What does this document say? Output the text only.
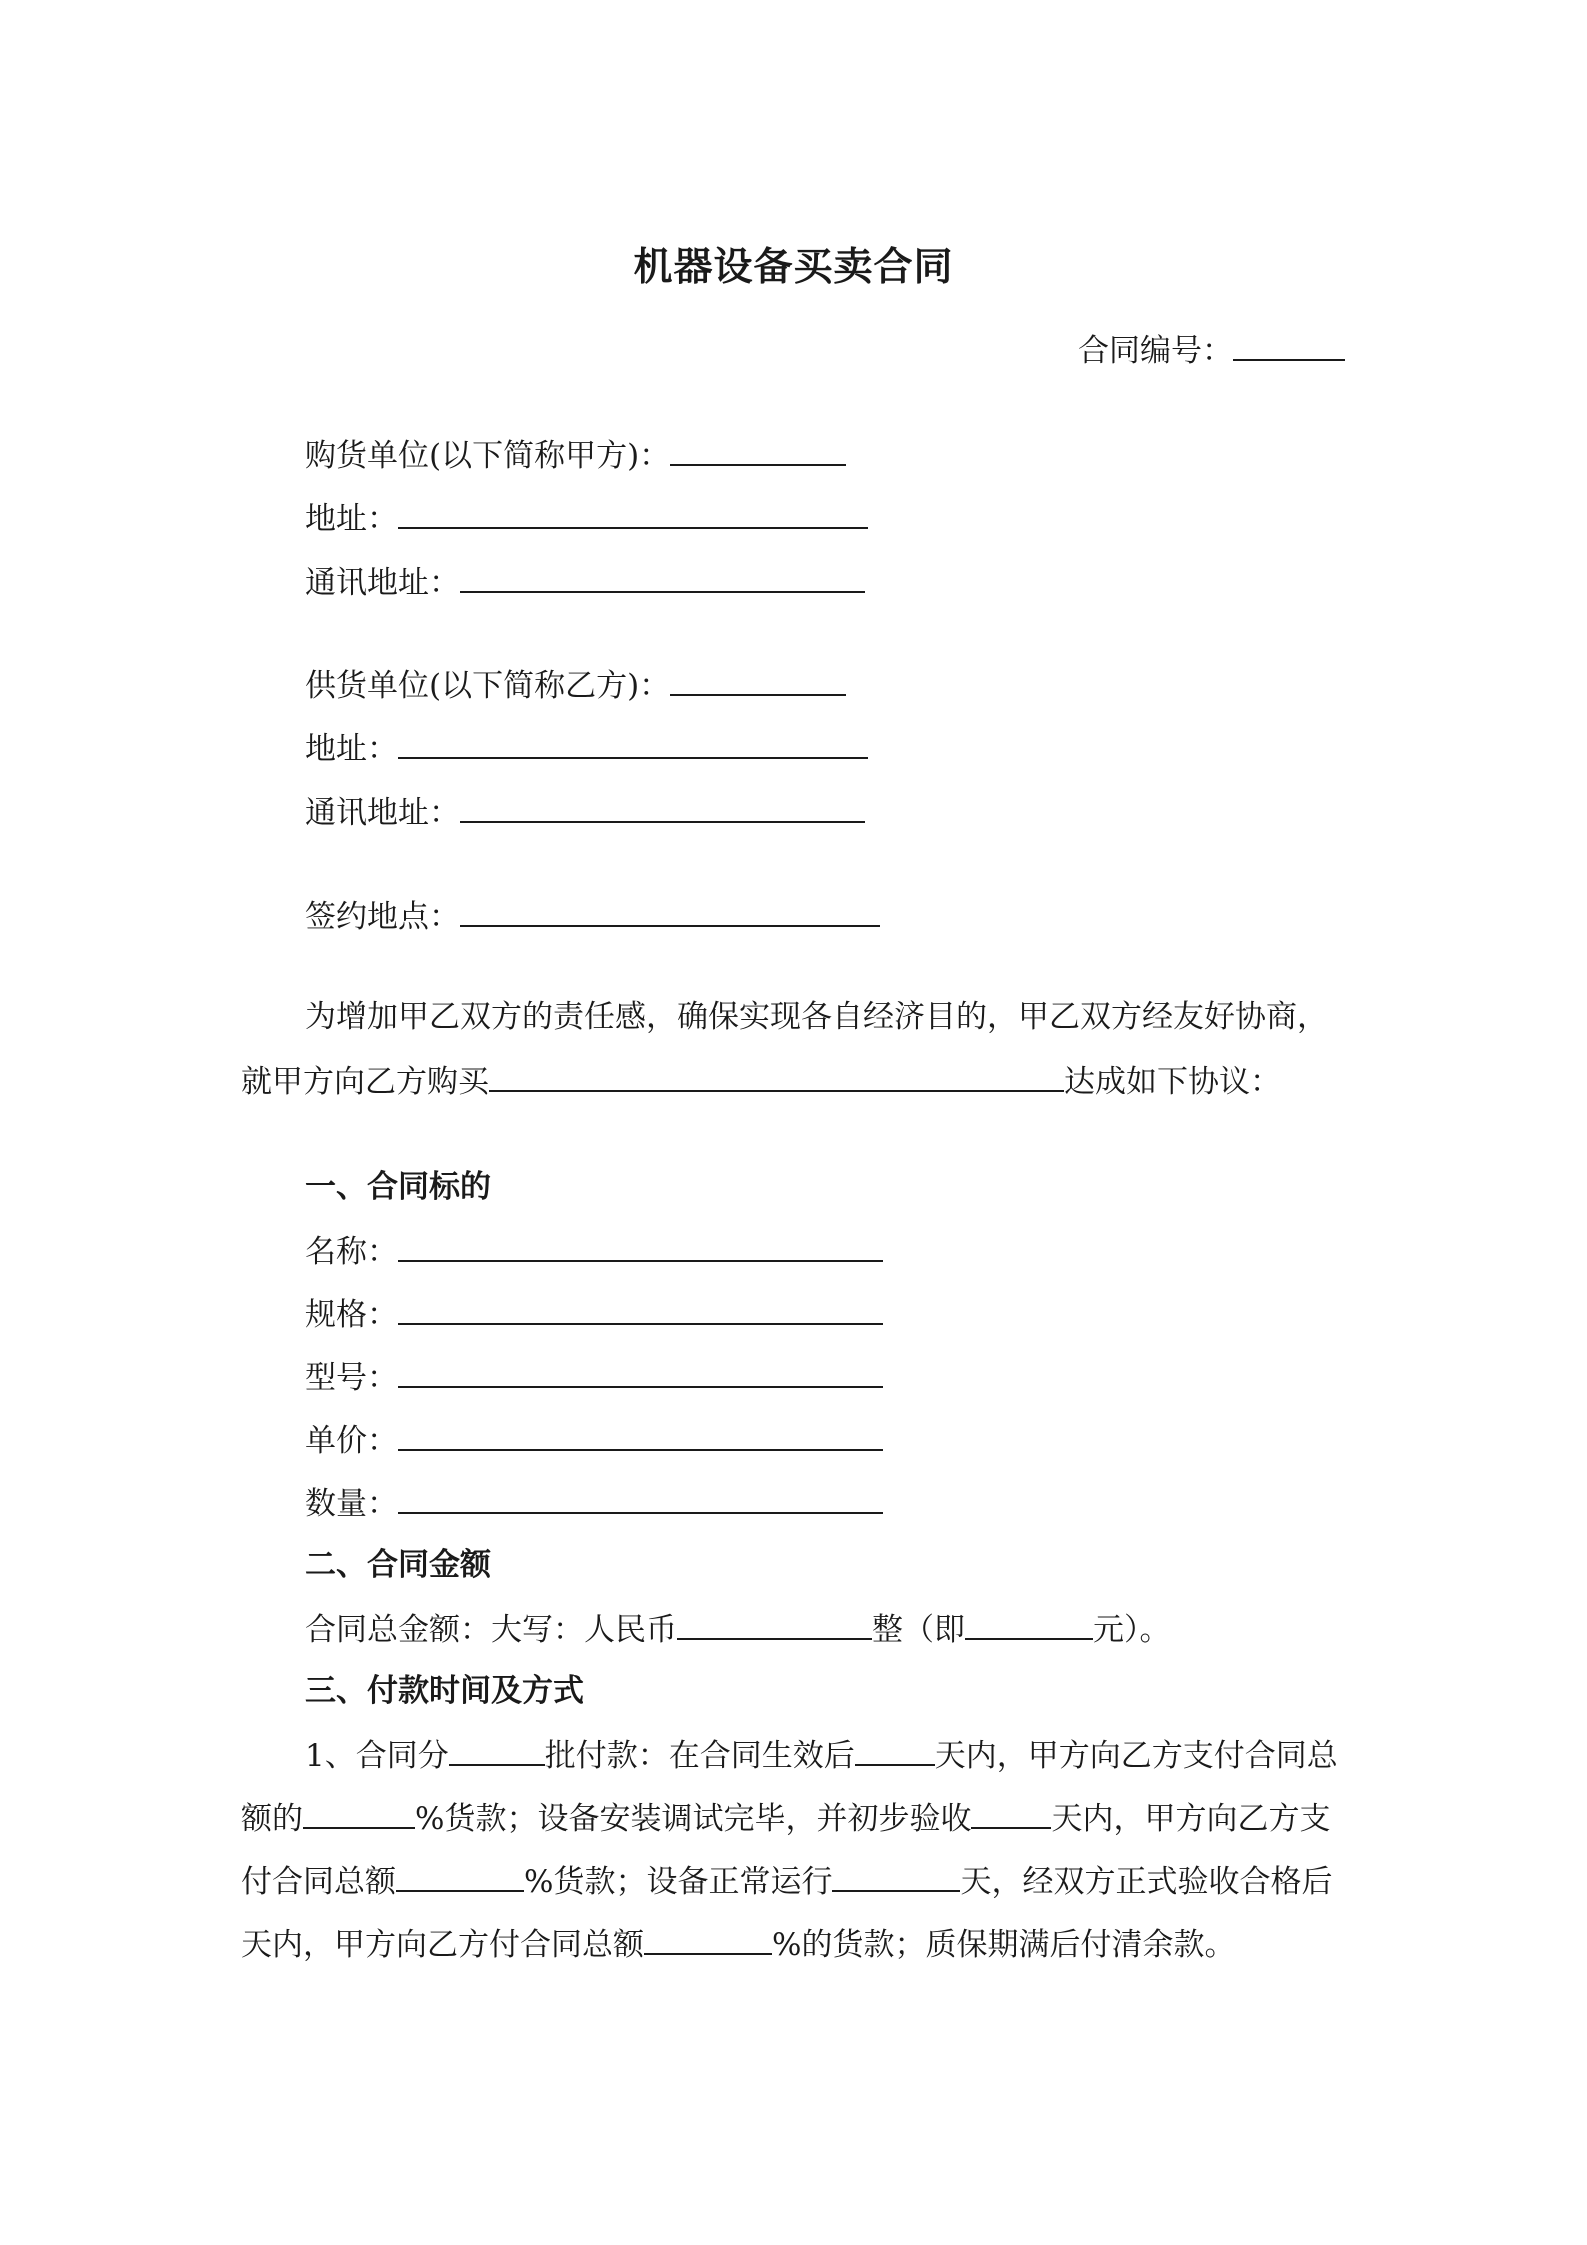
机器设备买卖合同
合同编号：
购货单位(以下简称甲方)：
地址：
通讯地址：
供货单位(以下简称乙方)：
地址：
通讯地址：
签约地点：
为增加甲乙双方的责任感，确保实现各自经济目的，甲乙双方经友好协商，
就甲方向乙方购买	达成如下协议：
一、合同标的
名称：
规格：
型号：
单价：
数量：
二、合同金额
合同总金额：大写：人民币	整（即	元）。
三、付款时间及方式
1、合同分	批付款：在合同生效后	天内，甲方向乙方支付合同总
额的	%货款；设备安装调试完毕，并初步验收	天内，甲方向乙方支
付合同总额	%货款；设备正常运行	天，经双方正式验收合格后
天内，甲方向乙方付合同总额	%的货款；质保期满后付清余款。
